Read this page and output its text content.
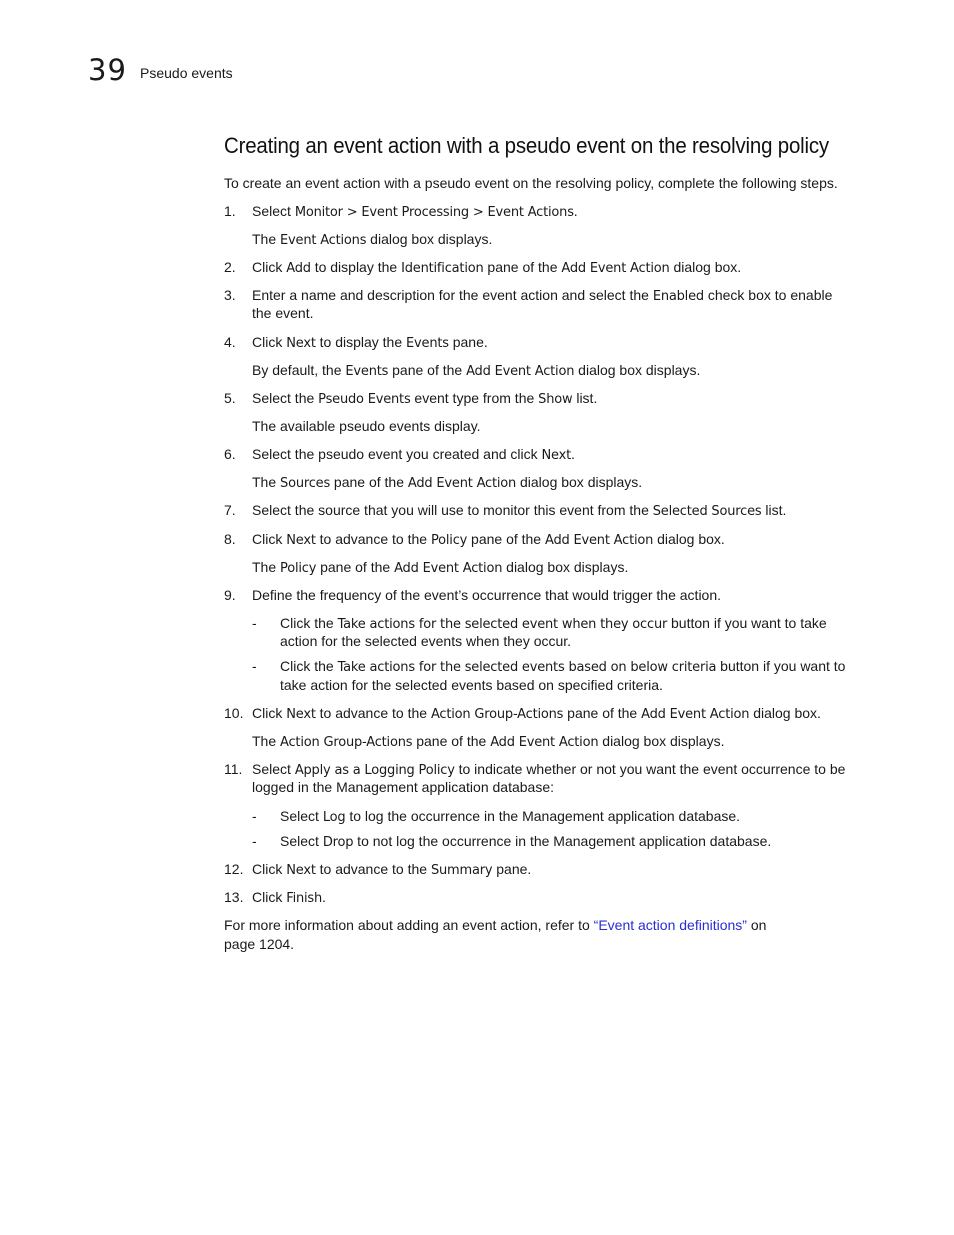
39 Pseudo events
Creating an event action with a pseudo event on the resolving policy

To create an event action with a pseudo event on the resolving policy, complete the following steps.

1. Select Monitor > Event Processing > Event Actions.

The Event Actions dialog box displays.

2. Click Add to display the Identification pane of the Add Event Action dialog box.

3. Enter a name and description for the event action and select the Enabled check box to enable

the event.

4. Click Next to display the Events pane.

By default, the Events pane of the Add Event Action dialog box displays.

5. Select the Pseudo Events event type from the Show list.

The available pseudo events display.

6. Select the pseudo event you created and click Next.

The Sources pane of the Add Event Action dialog box displays.

7. Select the source that you will use to monitor this event from the Selected Sources list.

8. Click Next to advance to the Policy pane of the Add Event Action dialog box.

The Policy pane of the Add Event Action dialog box displays.

9. Define the frequency of the event’s occurrence that would trigger the action.

- Click the Take actions for the selected event when they occur button if you want to take

action for the selected events when they occur.

- Click the Take actions for the selected events based on below criteria button if you want to

take action for the selected events based on specified criteria.

10. Click Next to advance to the Action Group-Actions pane of the Add Event Action dialog box.

The Action Group-Actions pane of the Add Event Action dialog box displays.

11. Select Apply as a Logging Policy to indicate whether or not you want the event occurrence to be

logged in the Management application database:

- Select Log to log the occurrence in the Management application database.

- Select Drop to not log the occurrence in the Management application database.

12. Click Next to advance to the Summary pane.

13. Click Finish.

For more information about adding an event action, refer to “Event action definitions” on

page 1204.
